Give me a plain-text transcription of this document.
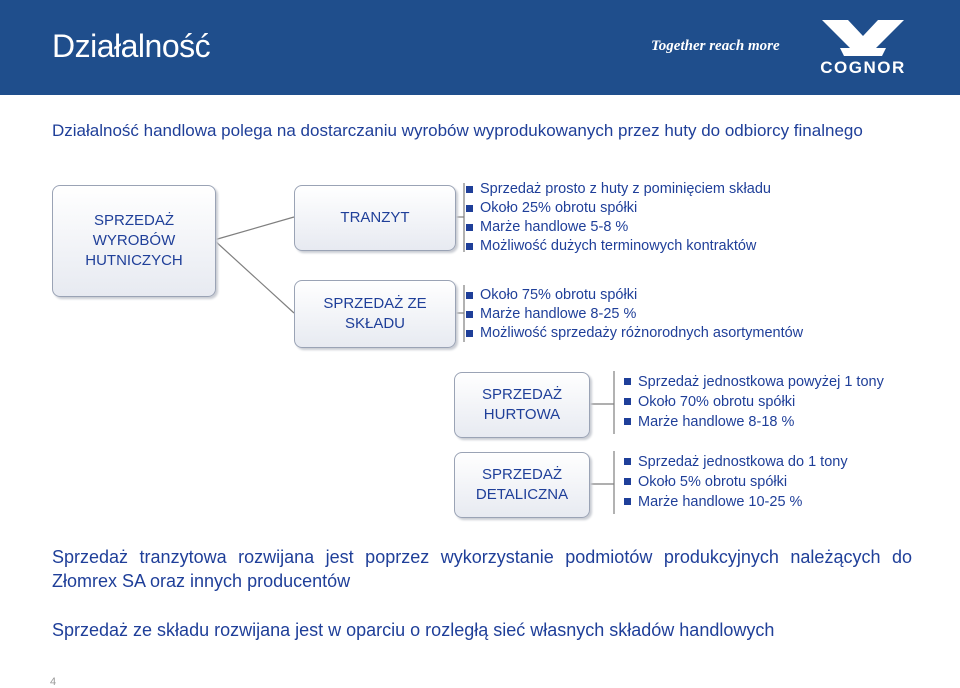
Działalność	Together reach more
COGNOR
Działalność handlowa polega na dostarczaniu wyrobów wyprodukowanych przez huty do odbiorcy finalnego
SPRZEDAŻ
WYROBÓW
HUTNICZYCH
TRANZYT
SPRZEDAŻ ZE
SKŁADU
SPRZEDAŻ
HURTOWA
SPRZEDAŻ
DETALICZNA
Sprzedaż prosto z huty z pominięciem składu
Około 25% obrotu spółki
Marże handlowe 5-8 %
Możliwość dużych terminowych kontraktów
Około 75% obrotu spółki
Marże handlowe 8-25 %
Możliwość sprzedaży różnorodnych asortymentów
Sprzedaż jednostkowa powyżej 1 tony
Około 70% obrotu spółki
Marże handlowe 8-18 %
Sprzedaż jednostkowa do 1 tony
Około 5% obrotu spółki
Marże handlowe 10-25 %
Sprzedaż tranzytowa rozwijana jest poprzez wykorzystanie podmiotów produkcyjnych należących do Złomrex SA oraz innych producentów
Sprzedaż ze składu rozwijana jest w oparciu o rozległą sieć własnych składów handlowych
4
